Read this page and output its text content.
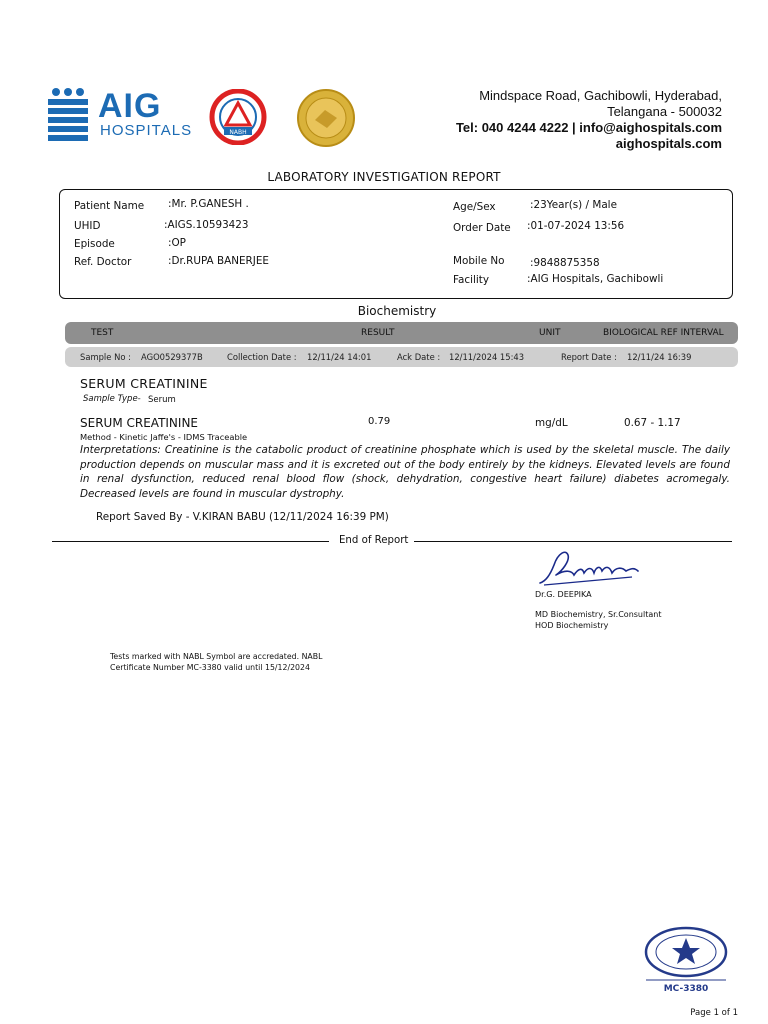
AIG
HOSPITALS	NABH
Mindspace Road, Gachibowli, Hyderabad,
Telangana - 500032
Tel: 040 4244 4222 | info@aighospitals.com
aighospitals.com
LABORATORY INVESTIGATION REPORT
Patient Name :Mr. P.GANESH .
UHID	:AIGS.10593423
Episode	:OP
Ref. Doctor	:Dr.RUPA BANERJEE
Age/Sex	:23Year(s) / Male
Order Date :01-07-2024 13:56
Mobile No :9848875358
Facility	:AIG Hospitals, Gachibowli
Biochemistry
TEST	RESULT	UNIT	BIOLOGICAL REF INTERVAL
Sample No : AGO0529377B	Collection Date : 12/11/24 14:01	Ack Date : 12/11/2024 15:43	Report Date : 12/11/24 16:39
SERUM CREATININE
Sample Type- Serum
SERUM CREATININE	0.79	mg/dL	0.67 - 1.17
Method - Kinetic Jaffe's - IDMS Traceable
Interpretations: Creatinine is the catabolic product of creatinine phosphate which is used by the skeletal muscle. The daily production depends on muscular mass and it is excreted out of the body entirely by the kidneys. Elevated levels are found in renal dysfunction, reduced renal blood flow (shock, dehydration, congestive heart failure) diabetes acromegaly. Decreased levels are found in muscular dystrophy.
Report Saved By - V.KIRAN BABU (12/11/2024 16:39 PM)
End of Report
Dr.G. DEEPIKA
MD Biochemistry, Sr.Consultant
HOD Biochemistry
Tests marked with NABL Symbol are accredated. NABL
Certificate Number MC-3380 valid until 15/12/2024
MC-3380
Page 1 of 1
